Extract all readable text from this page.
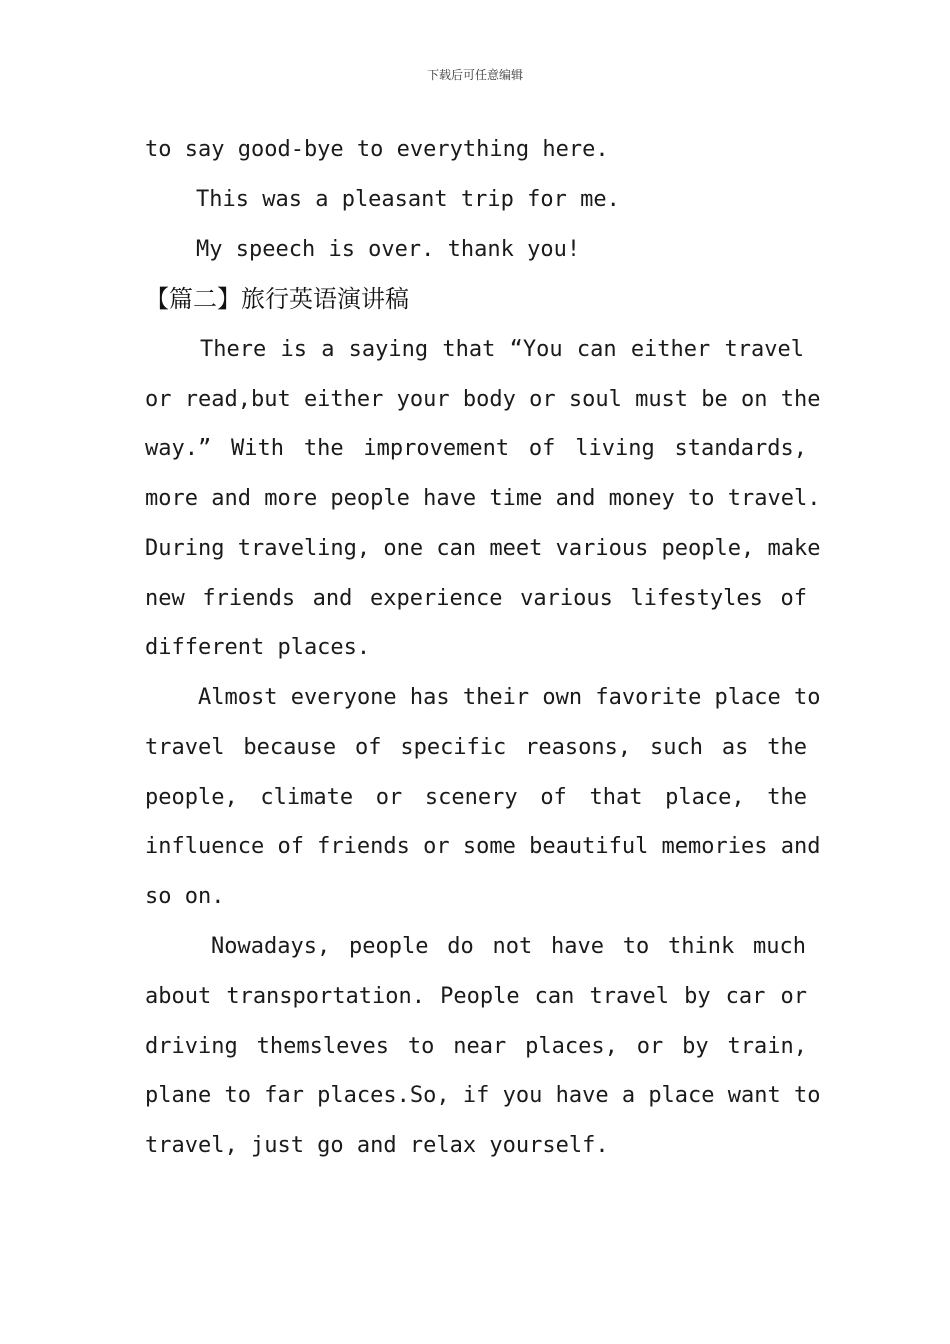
下载后可任意编辑
to say good-bye to everything here.
This was a pleasant trip for me.
My speech is over. thank you!
【篇二】旅行英语演讲稿
There is a saying that “You can either travel
or read,but either your body or soul must be on the
way.” With the improvement of living standards,
more and more people have time and money to travel.
During traveling, one can meet various people, make
new friends and experience various lifestyles of
different places.
Almost everyone has their own favorite place to
travel because of specific reasons, such as the
people, climate or scenery of that place, the
influence of friends or some beautiful memories and
so on.
Nowadays, people do not have to think much
about transportation. People can travel by car or
driving themsleves to near places, or by train,
plane to far places.So, if you have a place want to
travel, just go and relax yourself.
